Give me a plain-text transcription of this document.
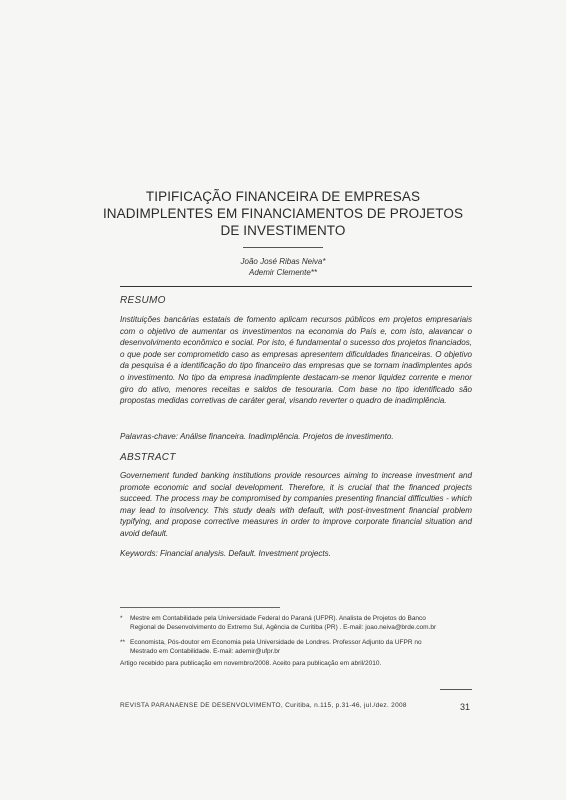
TIPIFICAÇÃO FINANCEIRA DE EMPRESAS
INADIMPLENTES EM FINANCIAMENTOS DE PROJETOS
DE INVESTIMENTO
João José Ribas Neiva*
Ademir Clemente**
RESUMO
Instituições bancárias estatais de fomento aplicam recursos públicos em projetos empresariais com o objetivo de aumentar os investimentos na economia do País e, com isto, alavancar o desenvolvimento econômico e social. Por isto, é fundamental o sucesso dos projetos financiados, o que pode ser comprometido caso as empresas apresentem dificuldades financeiras. O objetivo da pesquisa é a identificação do tipo financeiro das empresas que se tornam inadimplentes após o investimento. No tipo da empresa inadimplente destacam-se menor liquidez corrente e menor giro do ativo, menores receitas e saldos de tesouraria. Com base no tipo identificado são propostas medidas corretivas de caráter geral, visando reverter o quadro de inadimplência.
Palavras-chave: Análise financeira. Inadimplência. Projetos de investimento.
ABSTRACT
Governement funded banking institutions provide resources aiming to increase investment and promote economic and social development. Therefore, it is crucial that the financed projects succeed. The process may be compromised by companies presenting financial difficulties - which may lead to insolvency. This study deals with default, with post-investment financial problem typifying, and propose corrective measures in order to improve corporate financial situation and avoid default.
Keywords: Financial analysis. Default. Investment projects.
* Mestre em Contabilidade pela Universidade Federal do Paraná (UFPR). Analista de Projetos do Banco
Regional de Desenvolvimento do Extremo Sul, Agência de Curitiba (PR) . E-mail: joao.neiva@brde.com.br
** Economista, Pós-doutor em Economia pela Universidade de Londres. Professor Adjunto da UFPR no
Mestrado em Contabilidade. E-mail: ademir@ufpr.br
Artigo recebido para publicação em novembro/2008. Aceito para publicação em abril/2010.
REVISTA PARANAENSE DE DESENVOLVIMENTO, Curitiba, n.115, p.31-46, jul./dez. 2008	31
